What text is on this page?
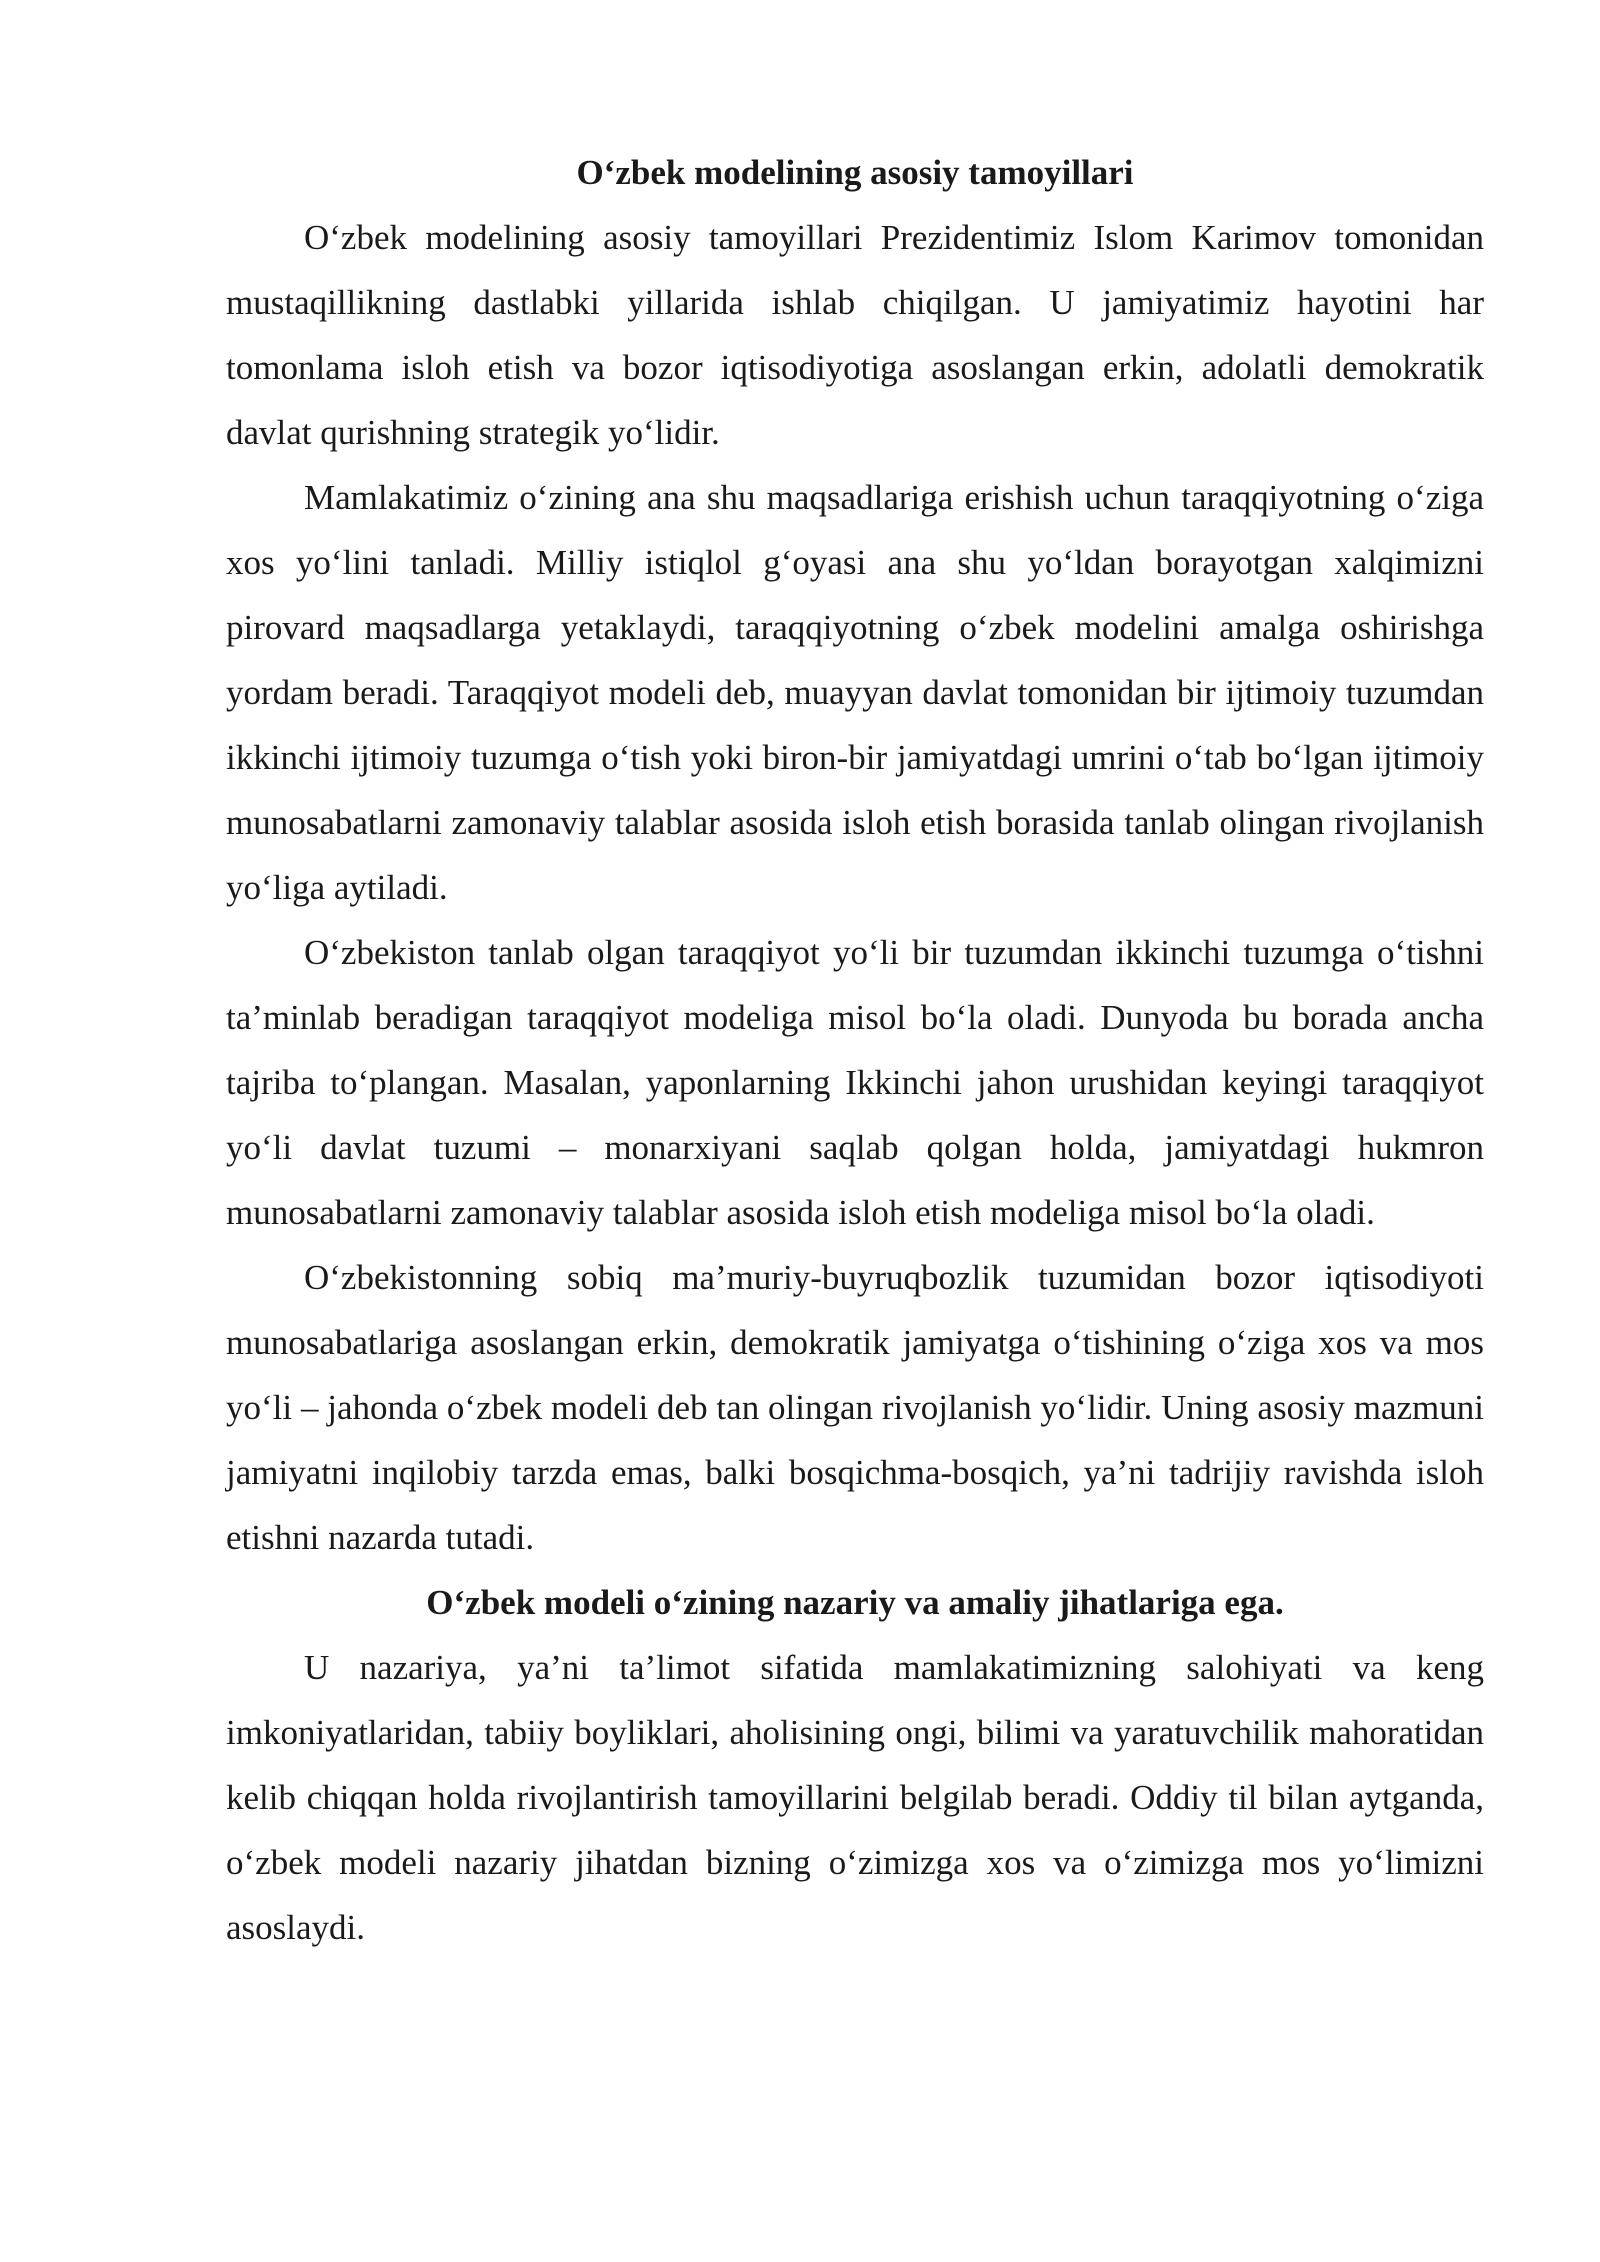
O‘zbek modelining asosiy tamoyillari

O‘zbek modelining asosiy tamoyillari Prezidentimiz Islom Karimov tomonidan mustaqillikning dastlabki yillarida ishlab chiqilgan. U jamiyatimiz hayotini har tomonlama isloh etish va bozor iqtisodiyotiga asoslangan erkin, adolatli demokratik davlat qurishning strategik yo‘lidir.

Mamlakatimiz o‘zining ana shu maqsadlariga erishish uchun taraqqiyotning o‘ziga xos yo‘lini tanladi. Milliy istiqlol g‘oyasi ana shu yo‘ldan borayotgan xalqimizni pirovard maqsadlarga yetaklaydi, taraqqiyotning o‘zbek modelini amalga oshirishga yordam beradi. Taraqqiyot modeli deb, muayyan davlat tomonidan bir ijtimoiy tuzumdan ikkinchi ijtimoiy tuzumga o‘tish yoki biron-bir jamiyatdagi umrini o‘tab bo‘lgan ijtimoiy munosabatlarni zamonaviy talablar asosida isloh etish borasida tanlab olingan rivojlanish yo‘liga aytiladi.

O‘zbekiston tanlab olgan taraqqiyot yo‘li bir tuzumdan ikkinchi tuzumga o‘tishni ta’minlab beradigan taraqqiyot modeliga misol bo‘la oladi. Dunyoda bu borada ancha tajriba to‘plangan. Masalan, yaponlarning Ikkinchi jahon urushidan keyingi taraqqiyot yo‘li davlat tuzumi – monarxiyani saqlab qolgan holda, jamiyatdagi hukmron munosabatlarni zamonaviy talablar asosida isloh etish modeliga misol bo‘la oladi.

O‘zbekistonning sobiq ma’muriy-buyruqbozlik tuzumidan bozor iqtisodiyoti munosabatlariga asoslangan erkin, demokratik jamiyatga o‘tishining o‘ziga xos va mos yo‘li – jahonda o‘zbek modeli deb tan olingan rivojlanish yo‘lidir. Uning asosiy mazmuni jamiyatni inqilobiy tarzda emas, balki bosqichma-bosqich, ya’ni tadrijiy ravishda isloh etishni nazarda tutadi.

O‘zbek modeli o‘zining nazariy va amaliy jihatlariga ega.

U nazariya, ya’ni ta’limot sifatida mamlakatimizning salohiyati va keng imkoniyatlaridan, tabiiy boyliklari, aholisining ongi, bilimi va yaratuvchilik mahoratidan kelib chiqqan holda rivojlantirish tamoyillarini belgilab beradi. Oddiy til bilan aytganda, o‘zbek modeli nazariy jihatdan bizning o‘zimizga xos va o‘zimizga mos yo‘limizni asoslaydi.
